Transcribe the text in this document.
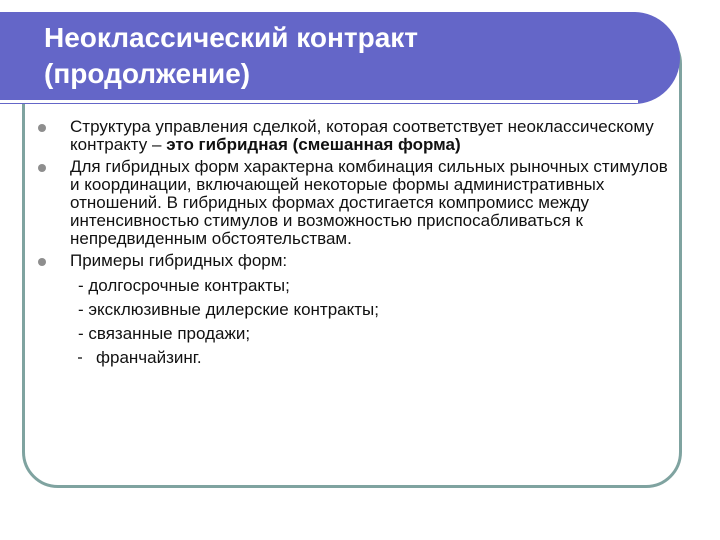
Неоклассический контракт
(продолжение)
Структура управления сделкой, которая соответствует неоклассическому контракту – это гибридная (смешанная форма)
Для гибридных форм характерна комбинация сильных рыночных стимулов и координации, включающей некоторые формы административных отношений. В гибридных формах достигается компромисс между интенсивностью стимулов и возможностью приспосабливаться к непредвиденным обстоятельствам.
Примеры гибридных форм:
- долгосрочные контракты;
- эксклюзивные дилерские контракты;
- связанные продажи;
франчайзинг.
